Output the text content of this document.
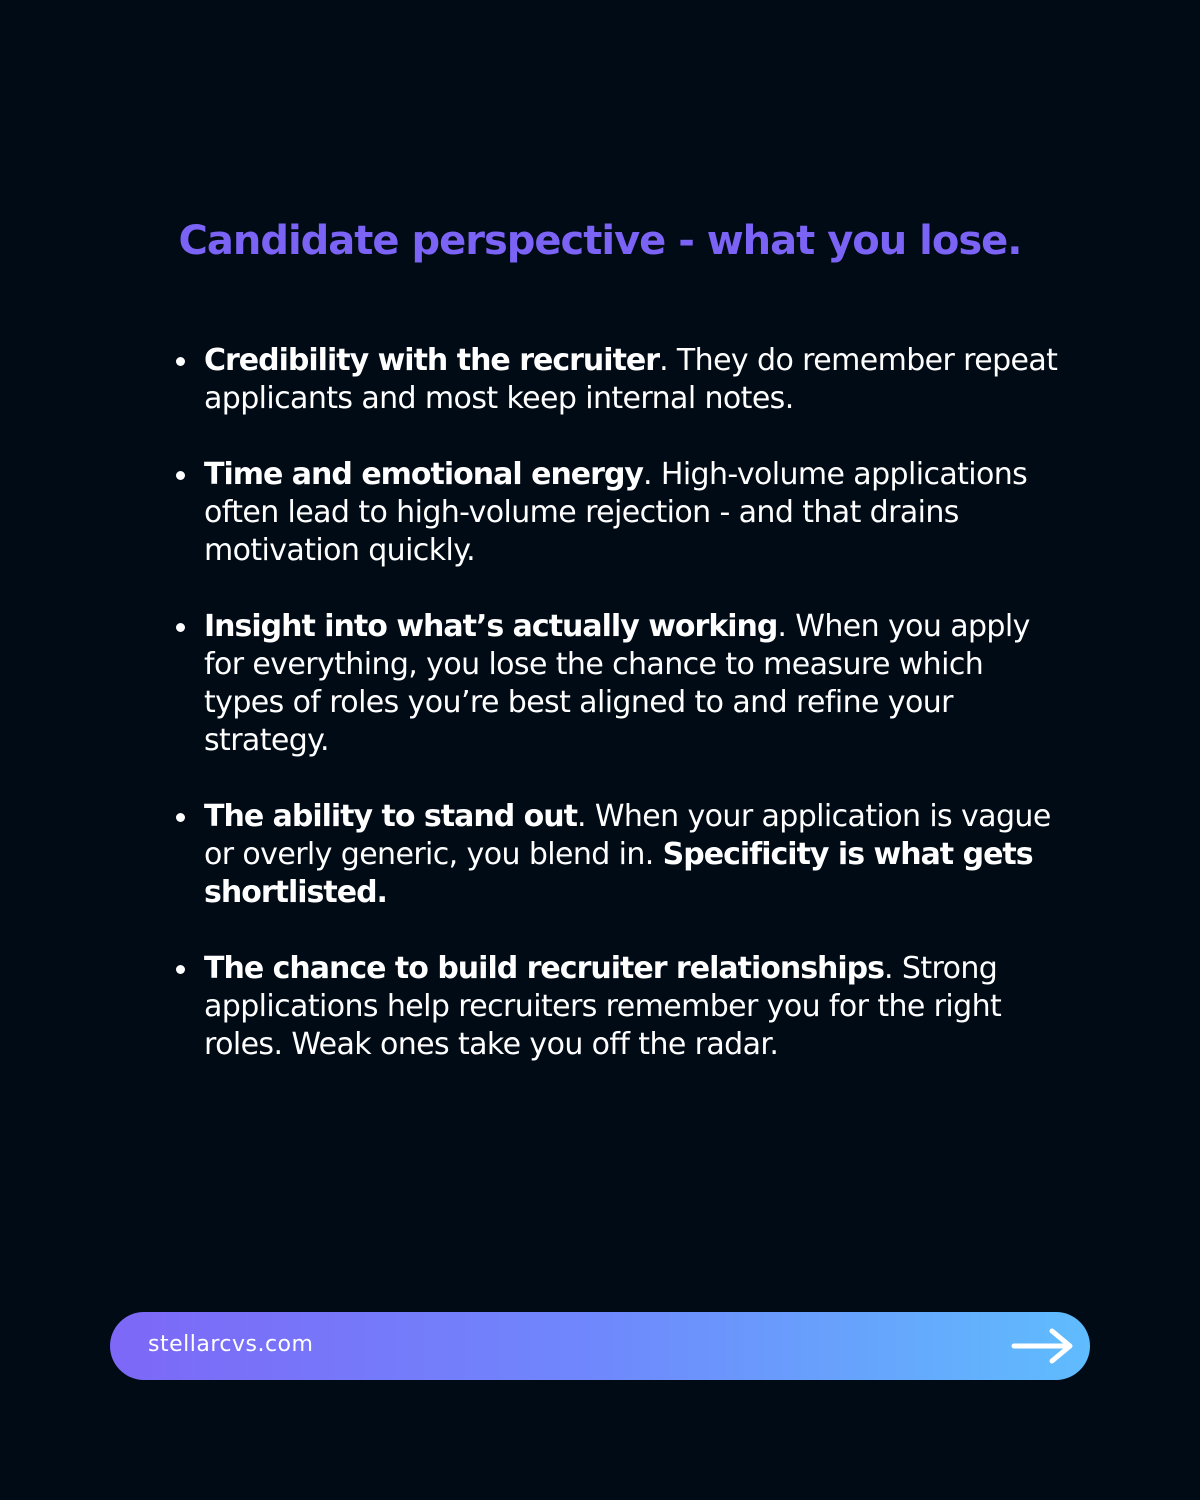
Candidate perspective - what you lose.
Credibility with the recruiter. They do remember repeat applicants and most keep internal notes.
Time and emotional energy. High-volume applications often lead to high-volume rejection - and that drains motivation quickly.
Insight into what’s actually working. When you apply for everything, you lose the chance to measure which types of roles you’re best aligned to and refine your strategy.
The ability to stand out. When your application is vague or overly generic, you blend in. Specificity is what gets shortlisted.
The chance to build recruiter relationships. Strong applications help recruiters remember you for the right roles. Weak ones take you off the radar.
stellarcvs.com
